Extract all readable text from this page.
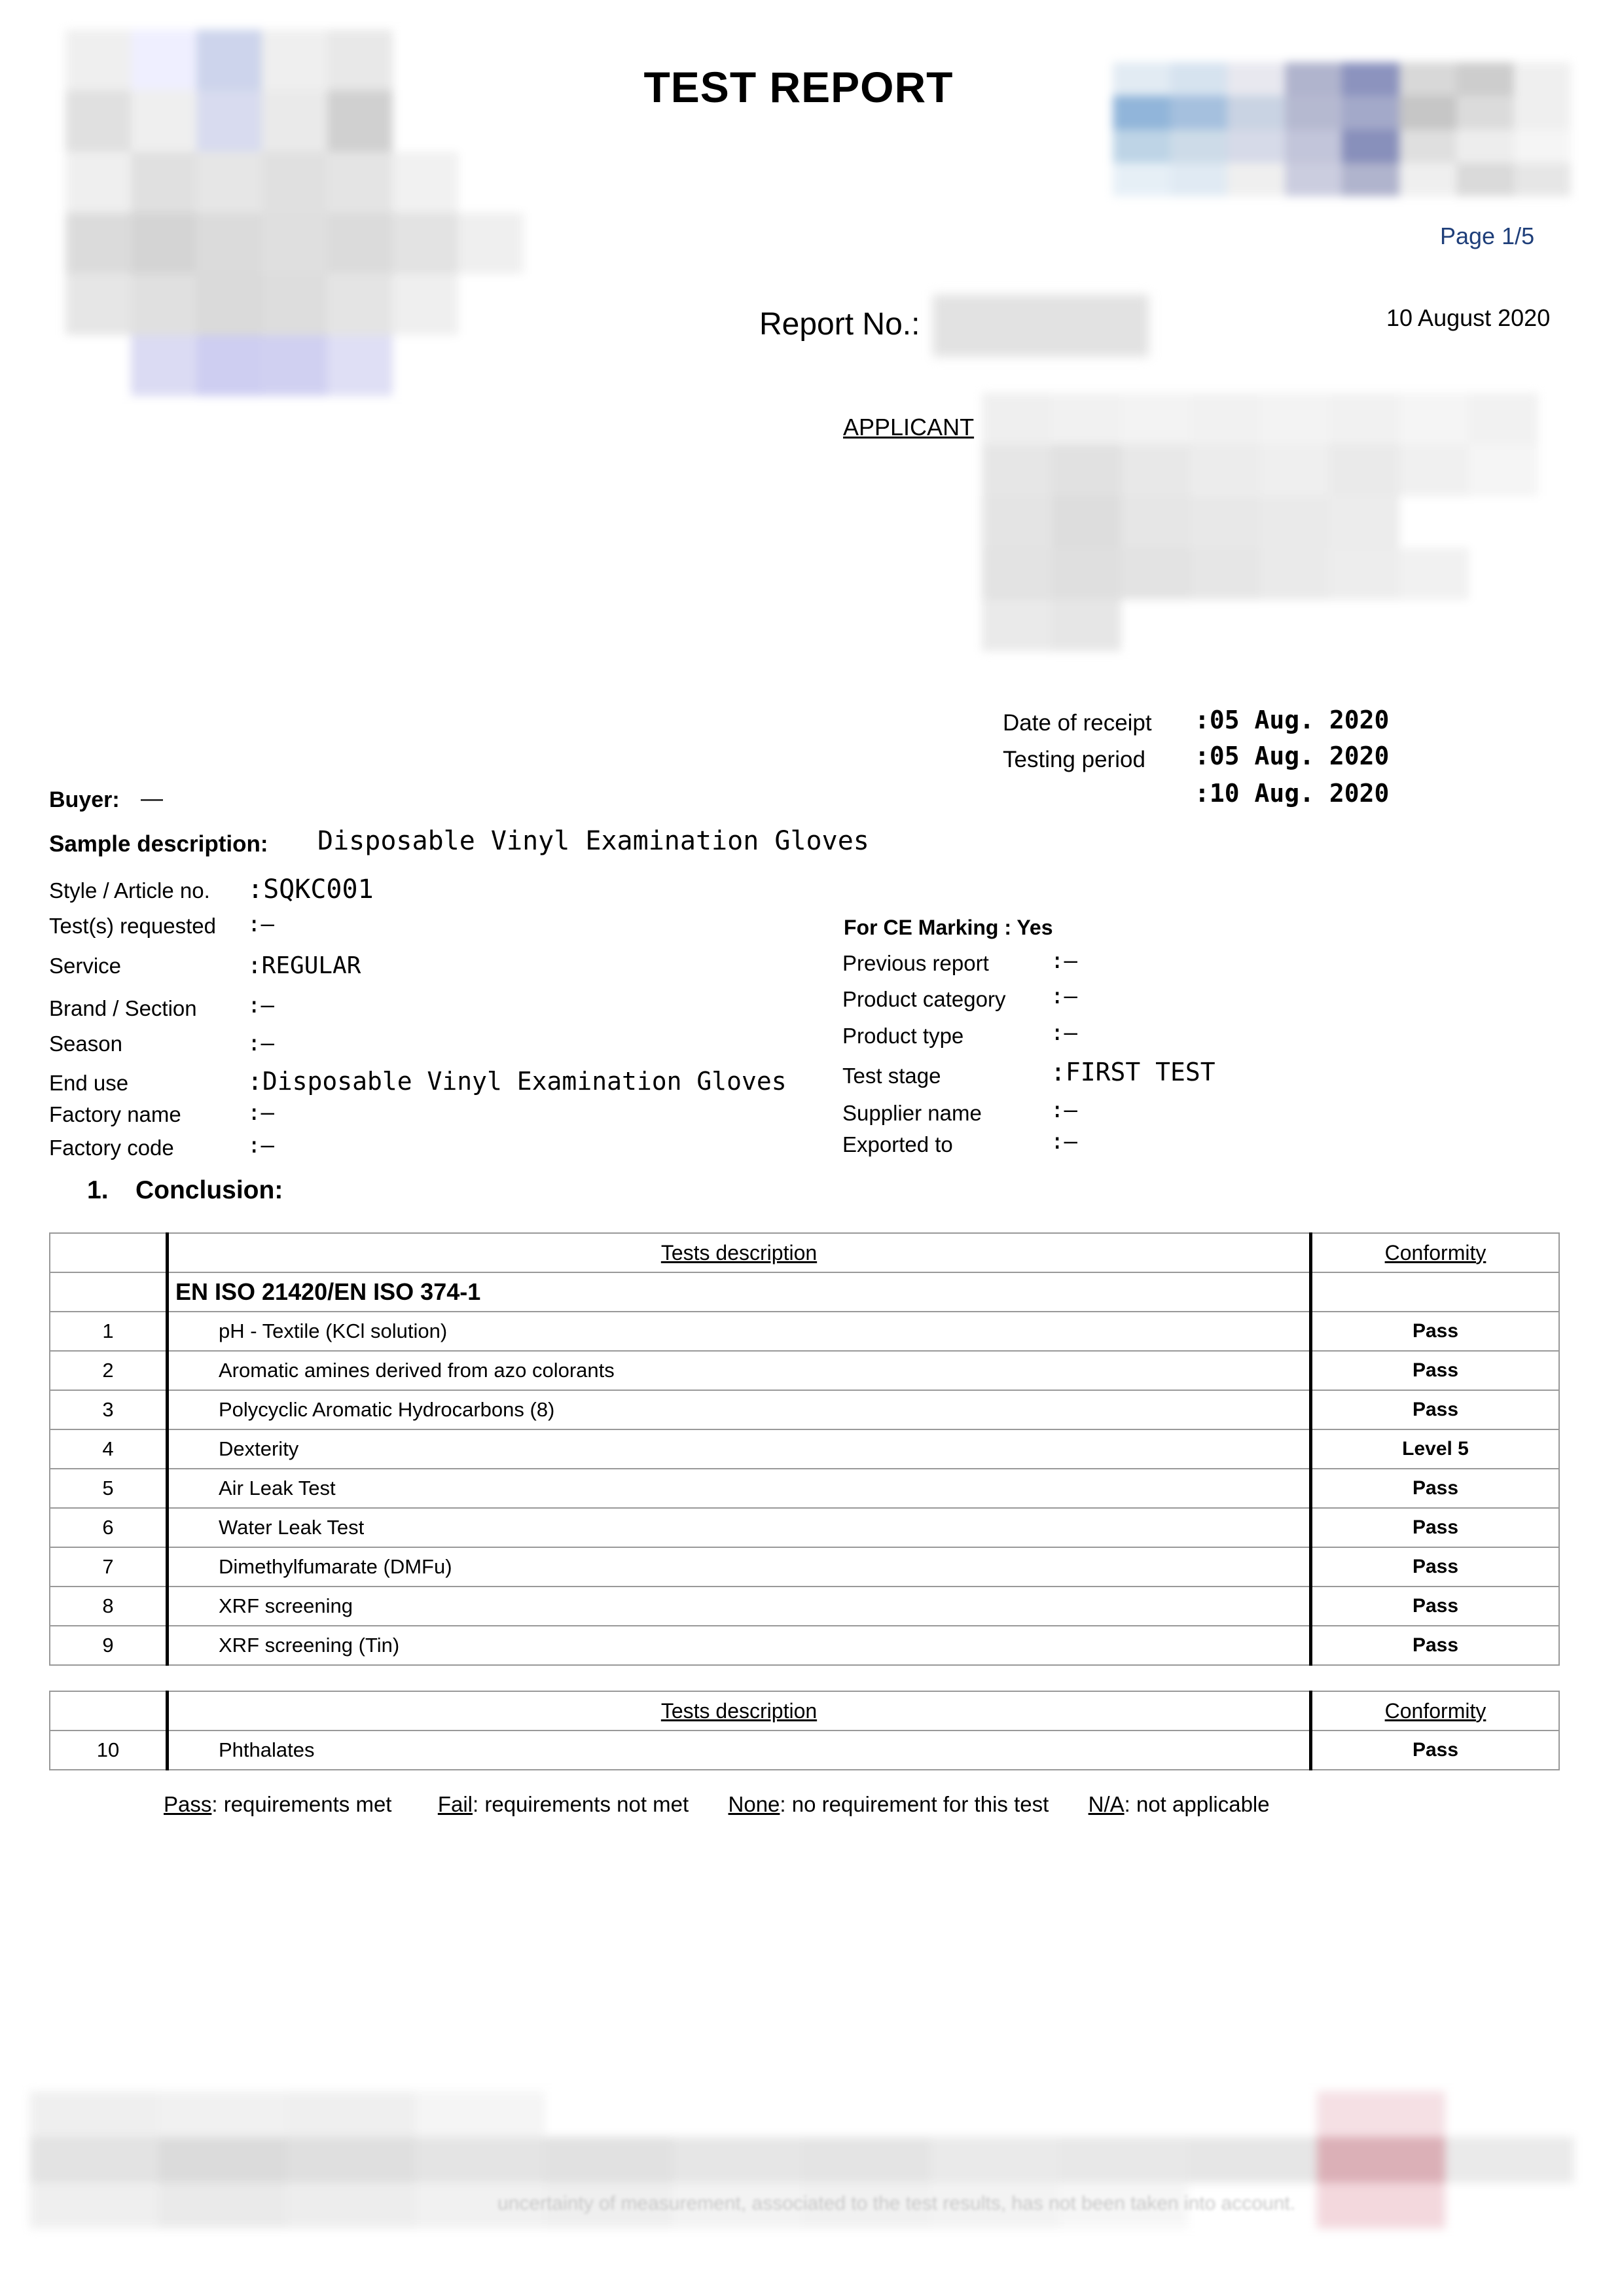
TEST REPORT
Page 1/5
Report No.:	10 August 2020
APPLICANT
Date of receipt :05 Aug. 2020
Testing period :05 Aug. 2020
:10 Aug. 2020
Buyer: —
Sample description: Disposable Vinyl Examination Gloves
Style / Article no. :SQKC001
Test(s) requested :—
Service	:REGULAR
Brand / Section :—
Season	:—
End use	:Disposable Vinyl Examination Gloves
Factory name	:—
Factory code	:—
For CE Marking : Yes
Previous report	:—
Product category :—
Product type	:—
Test stage	:FIRST TEST
Supplier name	:—
Exported to	:—
1. Conclusion:
	Tests description	Conformity
	EN ISO 21420/EN ISO 374-1	
1	pH - Textile (KCl solution)	Pass
2	Aromatic amines derived from azo colorants	Pass
3	Polycyclic Aromatic Hydrocarbons (8)	Pass
4	Dexterity	Level 5
5	Air Leak Test	Pass
6	Water Leak Test	Pass
7	Dimethylfumarate (DMFu)	Pass
8	XRF screening	Pass
9	XRF screening (Tin)	Pass
	Tests description	Conformity
10	Phthalates	Pass
Pass: requirements met Fail: requirements not met None: no requirement for this test N/A: not applicable
uncertainty of measurement, associated to the test results, has not been taken into account.
